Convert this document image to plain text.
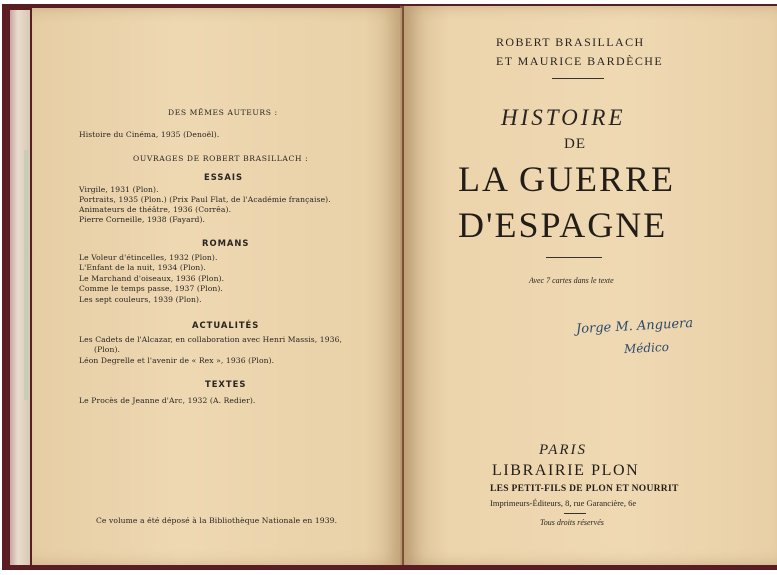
DES MÊMES AUTEURS :
Histoire du Cinéma, 1935 (Denoël).
OUVRAGES DE ROBERT BRASILLACH :
ESSAIS
Virgile, 1931 (Plon).
Portraits, 1935 (Plon.) (Prix Paul Flat, de l'Académie française).
Animateurs de théâtre, 1936 (Corrêa).
Pierre Corneille, 1938 (Fayard).
ROMANS
Le Voleur d'étincelles, 1932 (Plon).
L'Enfant de la nuit, 1934 (Plon).
Le Marchand d'oiseaux, 1936 (Plon).
Comme le temps passe, 1937 (Plon).
Les sept couleurs, 1939 (Plon).
ACTUALITÉS
Les Cadets de l'Alcazar, en collaboration avec Henri Massis, 1936,
(Plon).
Léon Degrelle et l'avenir de « Rex », 1936 (Plon).
TEXTES
Le Procès de Jeanne d'Arc, 1932 (A. Redier).
Ce volume a été déposé à la Bibliothèque Nationale en 1939.
ROBERT BRASILLACH
ET MAURICE BARDÈCHE
HISTOIRE
DE
LA GUERRE
D'ESPAGNE
Avec 7 cartes dans le texte
Jorge M. Anguera
Médico
PARIS
LIBRAIRIE PLON
LES PETIT-FILS DE PLON ET NOURRIT
Imprimeurs-Éditeurs, 8, rue Garancière, 6e
Tous droits réservés
